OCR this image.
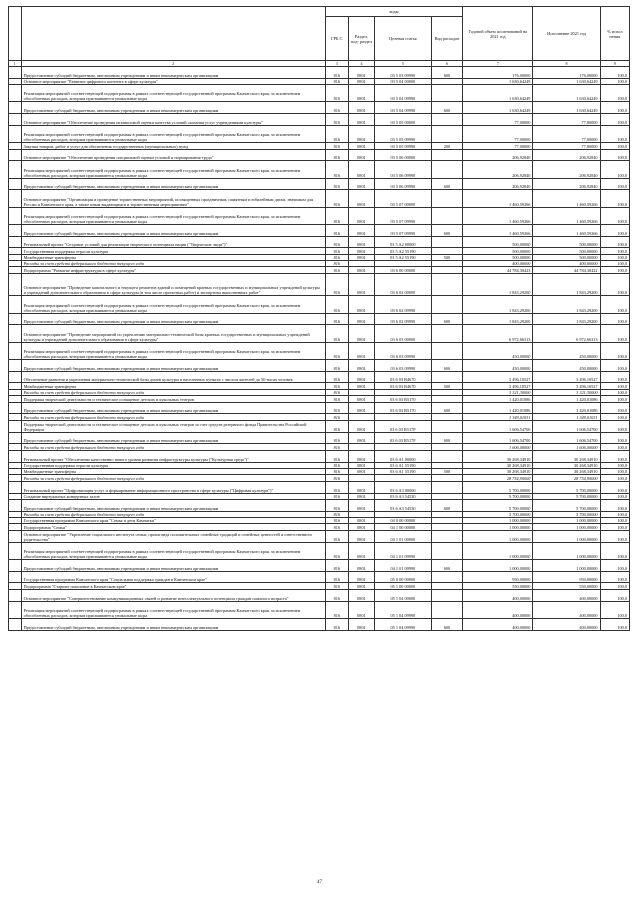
		коды				Годовой объем ассигнований на 2021 год	Исполнение 2021 год	% испол нения
		ГРБ С	Раздел, под- раздел	Целевая статья	Вид расходов			
1	2	3	4	5	6	7	8	9
	Предоставление субсидий бюджетным, автономным учреждениям и иным некоммерческим организациям	816	0801	03 5 03 09990	600	176,00000	176,00000	100,0
	Основное мероприятие "Развитие цифрового контента в сфере культуры"	816	0801	03 5 04 00000		1 630,64249	1 630,64249	100,0
	Реализация мероприятий соответствующей подпрограммы в рамках соответствующей государственной программы Камчатского края, за исключением обособленных расходов, которым присваиваются уникальные коды	816	0801	03 5 04 09990		1 630,64249	1 630,64249	100,0
	Предоставление субсидий бюджетным, автономным учреждениям и иным некоммерческим организациям	816	0801	03 5 04 09990	600	1 630,64249	1 630,64249	100,0
	Основное мероприятие "Обеспечение проведения независимой оценки качества условий оказания услуг учреждениями культуры"	816	0801	03 5 05 00000		77,00000	77,00000	100,0
	Реализация мероприятий соответствующей подпрограммы в рамках соответствующей государственной программы Камчатского края, за исключением обособленных расходов, которым присваиваются уникальные коды	816	0801	03 5 05 09990		77,00000	77,00000	100,0
	Закупка товаров, работ и услуг для обеспечения государственных (муниципальных) нужд	816	0801	03 5 05 09990	200	77,00000	77,00000	100,0
	Основное мероприятие "Обеспечение проведения специальной оценки условий и нормирования труда"	816	0801	03 5 06 00000		206,92840	206,92840	100,0
	Реализация мероприятий соответствующей подпрограммы в рамках соответствующей государственной программы Камчатского края, за исключением обособленных расходов, которым присваиваются уникальные коды	816	0801	03 5 06 09990		206,92840	206,92840	100,0
	Предоставление субсидий бюджетным, автономным учреждениям и иным некоммерческим организациям	816	0801	03 5 06 09990	600	206,92840	206,92840	100,0
	Основное мероприятие "Организация и проведение торжественных мероприятий, посвященных праздничным, памятным и юбилейным датам, значимым для России и Камчатского края, а также иным выдающимся и торжественным мероприятиям"	816	0801	03 5 07 00000		1 460,59266	1 460,59266	100,0
	Реализация мероприятий соответствующей подпрограммы в рамках соответствующей государственной программы Камчатского края, за исключением обособленных расходов, которым присваиваются уникальные коды	816	0801	03 5 07 09990		1 460,59266	1 460,59266	100,0
	Предоставление субсидий бюджетным, автономным учреждениям и иным некоммерческим организациям	816	0801	03 5 07 09990	600	1 460,59266	1 460,59266	100,0
	Региональный проект "Создание условий для реализации творческого потенциала нации ("Творческие люди")"	816	0801	03 5 A2 00000		500,00000	500,00000	100,0
	Государственная поддержка отрасли культуры	816	0801	03 5 A2 55190		500,00000	500,00000	100,0
	Межбюджетные трансферты	816	0801	03 5 A2 55190	500	500,00000	500,00000	100,0
	Расходы за счет средств федерального бюджета текущего года	816				400,00000	400,00000	100,0
	Подпрограмма "Развитие инфраструктуры в сфере культуры"	816	0801	03 6 00 00000		44 784,30423	44 784,30422	100,0
	Основное мероприятие "Проведение капитального и текущего ремонтов зданий и помещений краевых государственных и муниципальных учреждений культуры и учреждений дополнительного образования в сфере культуры (в том числе проектных работ) и экспертизы выполненных работ"	816	0801	03 6 02 00000		1 843,29200	1 843,29200	100,0
	Реализация мероприятий соответствующей подпрограммы в рамках соответствующей государственной программы Камчатского края, за исключением обособленных расходов, которым присваиваются уникальные коды	816	0801	03 6 02 09990		1 843,29200	1 843,29200	100,0
	Предоставление субсидий бюджетным, автономным учреждениям и иным некоммерческим организациям	816	0801	03 6 02 09990	600	1 843,29200	1 843,29200	100,0
	Основное мероприятие "Проведение мероприятий по укреплению материально-технической базы краевых государственных и муниципальных учреждений культуры и учреждений дополнительного образования в сфере культуры"	816	0801	03 6 03 00000		6 972,66313	6 972,66313	100,0
	Реализация мероприятий соответствующей подпрограммы в рамках соответствующей государственной программы Камчатского края, за исключением обособленных расходов, которым присваиваются уникальные коды	816	0801	03 6 03 09990		450,00000	450,00000	100,0
	Предоставление субсидий бюджетным, автономным учреждениям и иным некоммерческим организациям	816	0801	03 6 03 09990	600	450,00000	450,00000	100,0
	Обеспечение развития и укрепления материально-технической базы домов культуры в населенных пунктах с числом жителей до 50 тысяч человек	816	0801	03 6 03 R4670		3 496,10527	3 496,10527	100,0
	Межбюджетные трансферты	816	0801	03 6 03 R4670	500	3 496,10527	3 496,10527	100,0
	Расходы за счет средств федерального бюджета текущего года	816				3 321,30000	3 321,30000	100,0
	Поддержка творческой деятельности и техническое оснащение детских и кукольных театров	816	0801	03 6 03 R5170		1 420,01086	1 420,01086	100,0
	Предоставление субсидий бюджетным, автономным учреждениям и иным некоммерческим организациям	816	0801	03 6 03 R5170	600	1 420,01086	1 420,01086	100,0
	Расходы за счет средств федерального бюджета текущего года	816				1 349,01031	1 349,01031	100,0
	Поддержка творческой деятельности и техническое оснащение детских и кукольных театров за счет средств резервного фонда Правительства Российской Федерации	816	0801	03 6 03 R517F		1 606,54700	1 606,54700	100,0
	Предоставление субсидий бюджетным, автономным учреждениям и иным некоммерческим организациям	816	0801	03 6 03 R517F	600	1 606,54700	1 606,54700	100,0
	Расходы за счет средств федерального бюджета текущего года	816				1 606,00000	1 606,00000	100,0
	Региональный проект "Обеспечение качественно нового уровня развития инфраструктуры культуры ("Культурная среда")"	816	0801	03 6 A1 00000		30 268,34910	30 268,34910	100,0
	Государственная поддержка отрасли культуры	816	0801	03 6 A1 55190		30 268,34910	30 268,34910	100,0
	Межбюджетные трансферты	816	0801	03 6 A1 55190	500	30 268,34910	30 268,34910	100,0
	Расходы за счет средств федерального бюджета текущего года	816				28 754,90000	28 754,90000	100,0
	Региональный проект "Цифровизация услуг и формирование информационного пространства в сфере культуры ("Цифровая культура")"	816	0801	03 6 A3 00000		5 700,00000	5 700,00000	100,0
	Создание виртуальных концертных залов	816	0801	03 6 A3 54530		5 700,00000	5 700,00000	100,0
	Предоставление субсидий бюджетным, автономным учреждениям и иным некоммерческим организациям	816	0801	03 6 A3 54530	600	5 700,00000	5 700,00000	100,0
	Расходы за счет средств федерального бюджета текущего года	816				5 700,00000	5 700,00000	100,0
	Государственная программа Камчатского края "Семья и дети Камчатки"	816	0801	04 0 00 00000		1 000,00000	1 000,00000	100,0
	Подпрограмма "Семья"	816	0801	04 1 00 00000		1 000,00000	1 000,00000	100,0
	Основное мероприятие "Укрепление социального института семьи, пропаганда положительных семейных традиций и семейных ценностей и ответственного родительства"	816	0801	04 1 01 00000		1 000,00000	1 000,00000	100,0
	Реализация мероприятий соответствующей подпрограммы в рамках соответствующей государственной программы Камчатского края, за исключением обособленных расходов, которым присваиваются уникальные коды	816	0801	04 1 01 09990		1 000,00000	1 000,00000	100,0
	Предоставление субсидий бюджетным, автономным учреждениям и иным некоммерческим организациям	816	0801	04 1 01 09990	600	1 000,00000	1 000,00000	100,0
	Государственная программа Камчатского края "Социальная поддержка граждан в Камчатском крае"	816	0801	05 0 00 00000		950,00000	950,00000	100,0
	Подпрограмма "Старшее поколение в Камчатском крае"	816	0801	05 1 00 00000		550,00000	550,00000	100,0
	Основное мероприятие "Совершенствование коммуникационных связей и развитие интеллектуального потенциала граждан пожилого возраста"	816	0801	05 1 04 00000		400,00000	400,00000	100,0
	Реализация мероприятий соответствующей подпрограммы в рамках соответствующей государственной программы Камчатского края, за исключением обособленных расходов, которым присваиваются уникальные коды	816	0801	05 1 04 09990		400,00000	400,00000	100,0
	Предоставление субсидий бюджетным, автономным учреждениям и иным некоммерческим организациям	816	0801	05 1 04 09990	600	400,00000	400,00000	100,0
47
